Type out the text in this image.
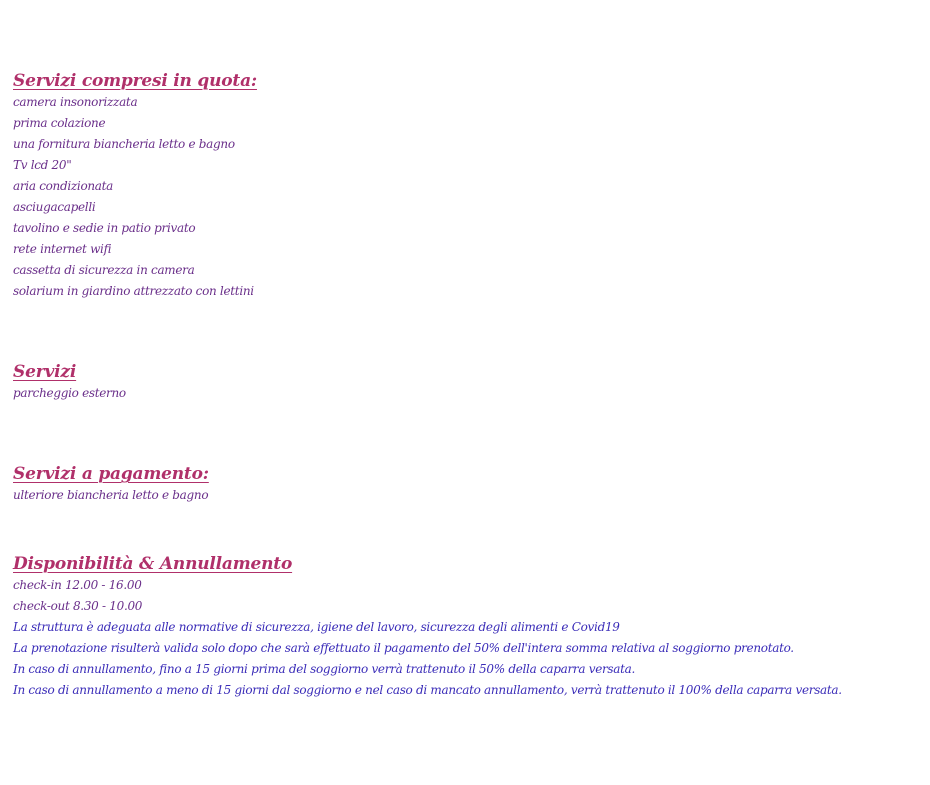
Servizi compresi in quota:

camera insonorizzata

prima colazione

una fornitura biancheria letto e bagno

Tv lcd 20"

aria condizionata

asciugacapelli

tavolino e sedie in patio privato

rete internet wifi

cassetta di sicurezza in camera

solarium in giardino attrezzato con lettini

Servizi

parcheggio esterno

Servizi a pagamento:

ulteriore biancheria letto e bagno

Disponibilità & Annullamento

check-in 12.00 - 16.00

check-out 8.30 - 10.00

La struttura è adeguata alle normative di sicurezza, igiene del lavoro, sicurezza degli alimenti e Covid19

La prenotazione risulterà valida solo dopo che sarà effettuato il pagamento del 50% dell'intera somma relativa al soggiorno prenotato.

In caso di annullamento, fino a 15 giorni prima del soggiorno verrà trattenuto il 50% della caparra versata.

In caso di annullamento a meno di 15 giorni dal soggiorno e nel caso di mancato annullamento, verrà trattenuto il 100% della caparra versata.
